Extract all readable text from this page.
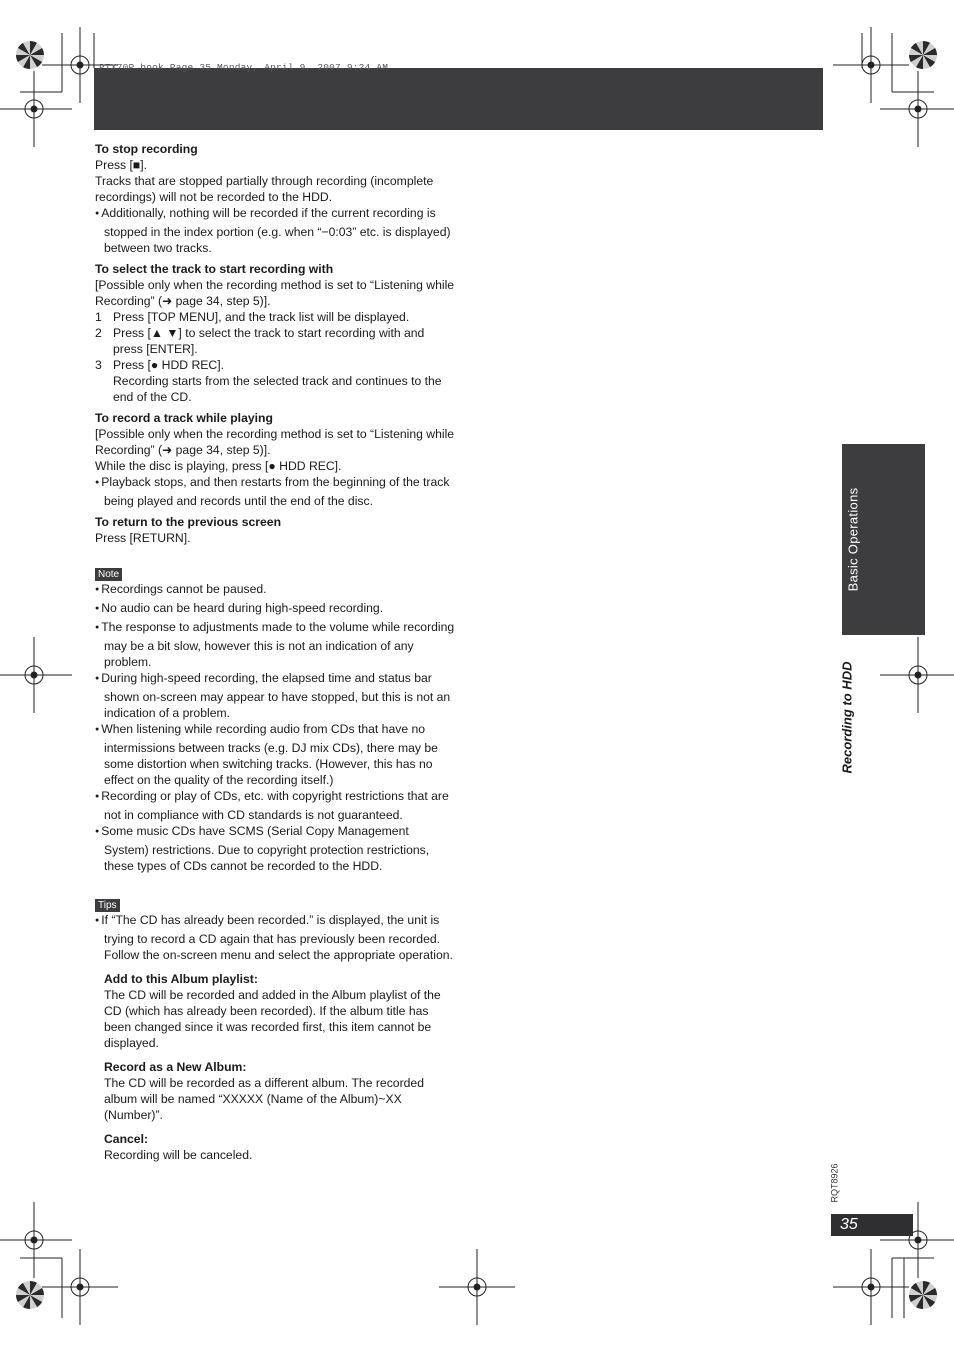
PTX70P.book Page 35 Monday, April 9, 2007 9:24 AM

To stop recording

Press [■].

Tracks that are stopped partially through recording (incomplete recordings) will not be recorded to the HDD.

● Additionally, nothing will be recorded if the current recording is stopped in the index portion (e.g. when “−0:03” etc. is displayed) between two tracks.

To select the track to start recording with

[Possible only when the recording method is set to “Listening while Recording” (➜ page 34, step 5)].

1 Press [TOP MENU], and the track list will be displayed.
2 Press [▲ ▼] to select the track to start recording with and press [ENTER].
3 Press [● HDD REC].
Recording starts from the selected track and continues to the end of the CD.

To record a track while playing

[Possible only when the recording method is set to “Listening while Recording” (➜ page 34, step 5)].

While the disc is playing, press [● HDD REC].

● Playback stops, and then restarts from the beginning of the track being played and records until the end of the disc.

To return to the previous screen

Press [RETURN].

Note

● Recordings cannot be paused.

● No audio can be heard during high-speed recording.

● The response to adjustments made to the volume while recording may be a bit slow, however this is not an indication of any problem.

● During high-speed recording, the elapsed time and status bar shown on-screen may appear to have stopped, but this is not an indication of a problem.

● When listening while recording audio from CDs that have no intermissions between tracks (e.g. DJ mix CDs), there may be some distortion when switching tracks. (However, this has no effect on the quality of the recording itself.)

● Recording or play of CDs, etc. with copyright restrictions that are not in compliance with CD standards is not guaranteed.

● Some music CDs have SCMS (Serial Copy Management System) restrictions. Due to copyright protection restrictions, these types of CDs cannot be recorded to the HDD.

Tips

● If “The CD has already been recorded.” is displayed, the unit is trying to record a CD again that has previously been recorded. Follow the on-screen menu and select the appropriate operation.

Add to this Album playlist:

The CD will be recorded and added in the Album playlist of the CD (which has already been recorded). If the album title has been changed since it was recorded first, this item cannot be displayed.

Record as a New Album:

The CD will be recorded as a different album. The recorded album will be named “XXXXX (Name of the Album)~XX (Number)”.

Cancel:

Recording will be canceled.

Basic Operations
Recording to HDD
RQT8926
35
